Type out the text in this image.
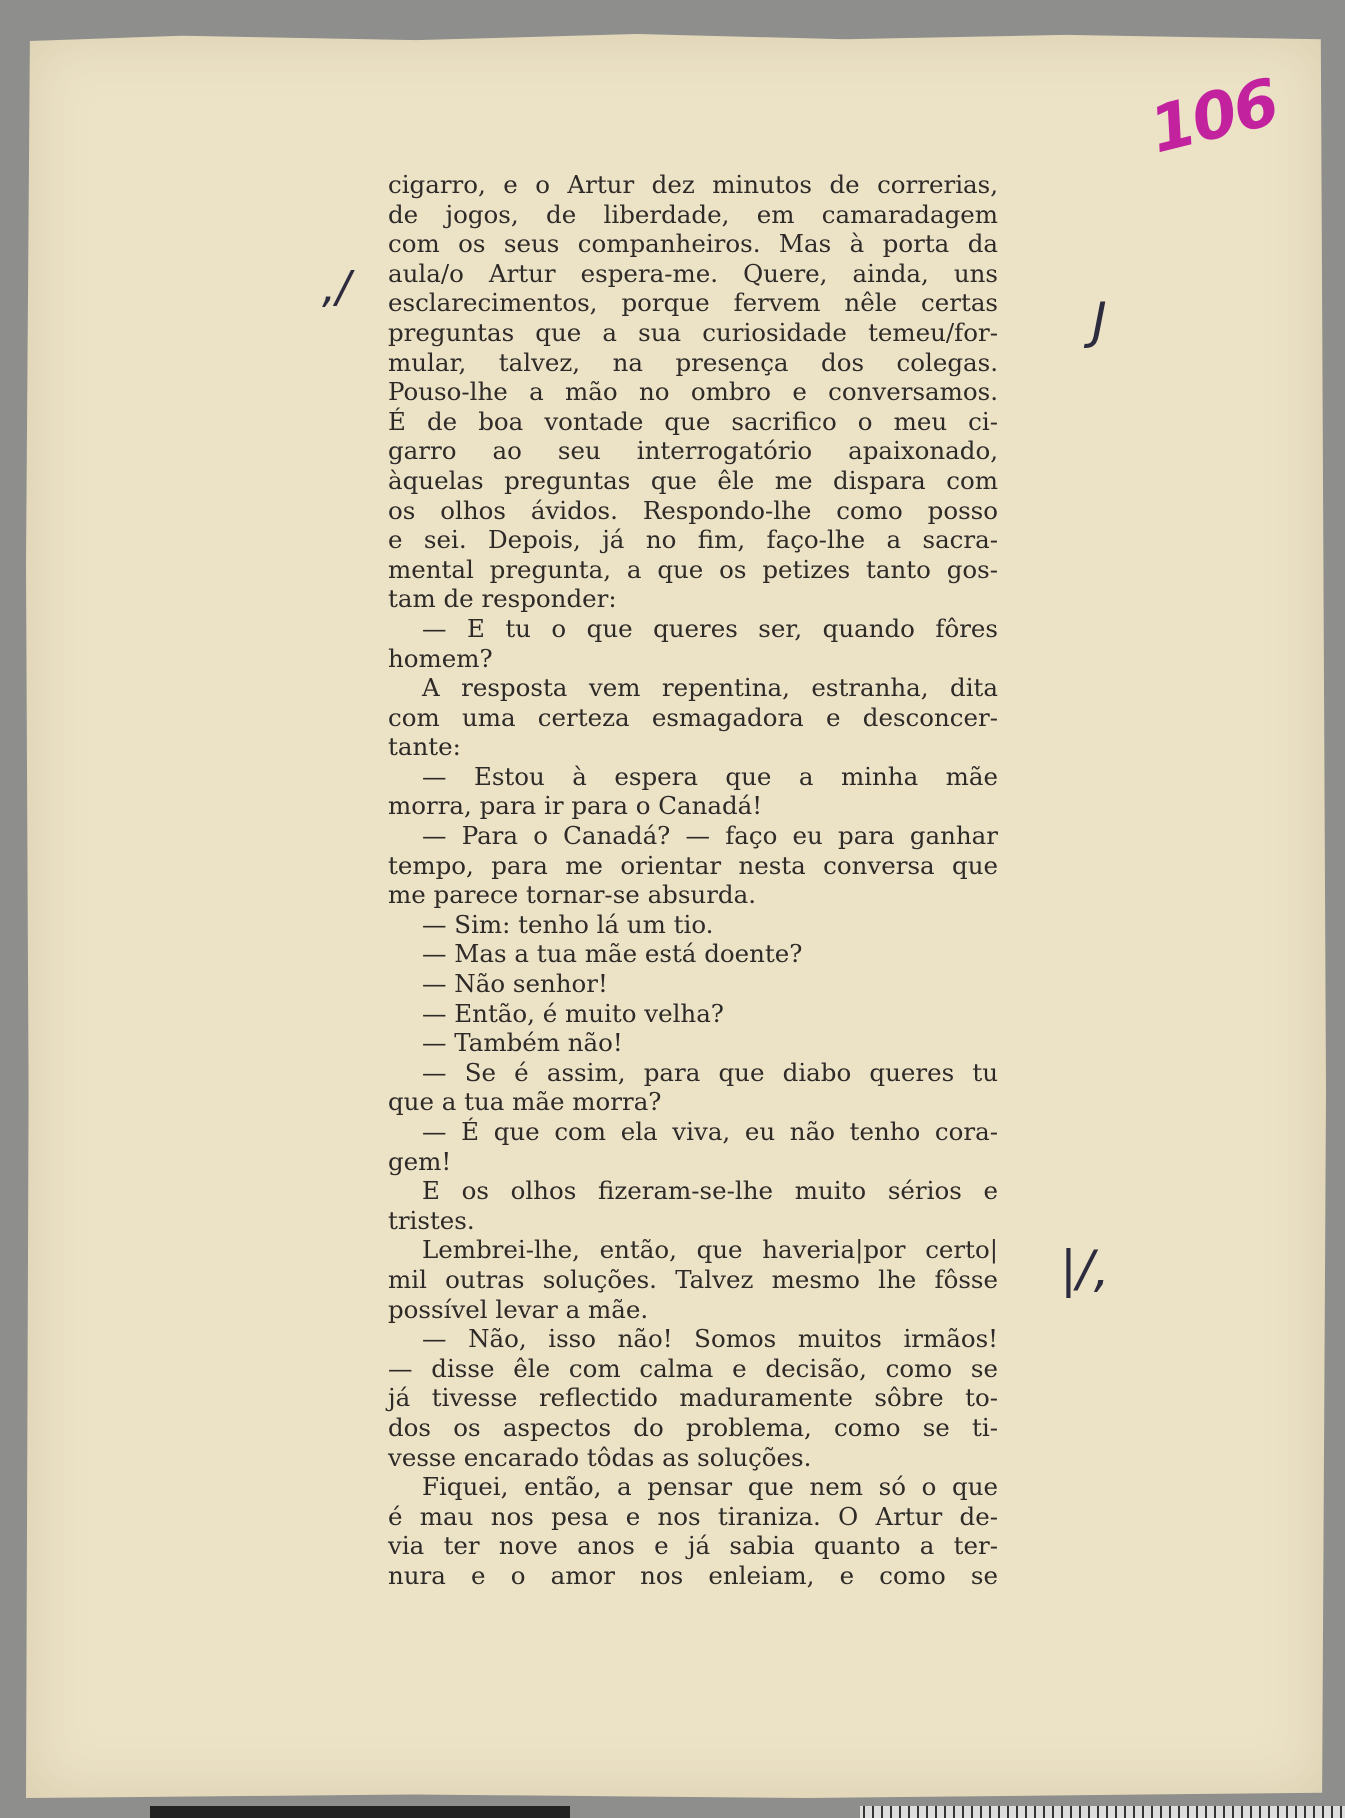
106
,/
J
|/,
cigarro, e o Artur dez minutos de correrias,
de jogos, de liberdade, em camaradagem
com os seus companheiros. Mas à porta da
aula/o Artur espera-me. Quere, ainda, uns
esclarecimentos, porque fervem nêle certas
preguntas que a sua curiosidade temeu/for-
mular, talvez, na presença dos colegas.
Pouso-lhe a mão no ombro e conversamos.
É de boa vontade que sacrifico o meu ci-
garro ao seu interrogatório apaixonado,
àquelas preguntas que êle me dispara com
os olhos ávidos. Respondo-lhe como posso
e sei. Depois, já no fim, faço-lhe a sacra-
mental pregunta, a que os petizes tanto gos-
tam de responder:
— E tu o que queres ser, quando fôres
homem?
A resposta vem repentina, estranha, dita
com uma certeza esmagadora e desconcer-
tante:
— Estou à espera que a minha mãe
morra, para ir para o Canadá!
— Para o Canadá? — faço eu para ganhar
tempo, para me orientar nesta conversa que
me parece tornar-se absurda.
— Sim: tenho lá um tio.
— Mas a tua mãe está doente?
— Não senhor!
— Então, é muito velha?
— Também não!
— Se é assim, para que diabo queres tu
que a tua mãe morra?
— É que com ela viva, eu não tenho cora-
gem!
E os olhos fizeram-se-lhe muito sérios e
tristes.
Lembrei-lhe, então, que haveria|por certo|
mil outras soluções. Talvez mesmo lhe fôsse
possível levar a mãe.
— Não, isso não! Somos muitos irmãos!
— disse êle com calma e decisão, como se
já tivesse reflectido maduramente sôbre to-
dos os aspectos do problema, como se ti-
vesse encarado tôdas as soluções.
Fiquei, então, a pensar que nem só o que
é mau nos pesa e nos tiraniza. O Artur de-
via ter nove anos e já sabia quanto a ter-
nura e o amor nos enleiam, e como se
